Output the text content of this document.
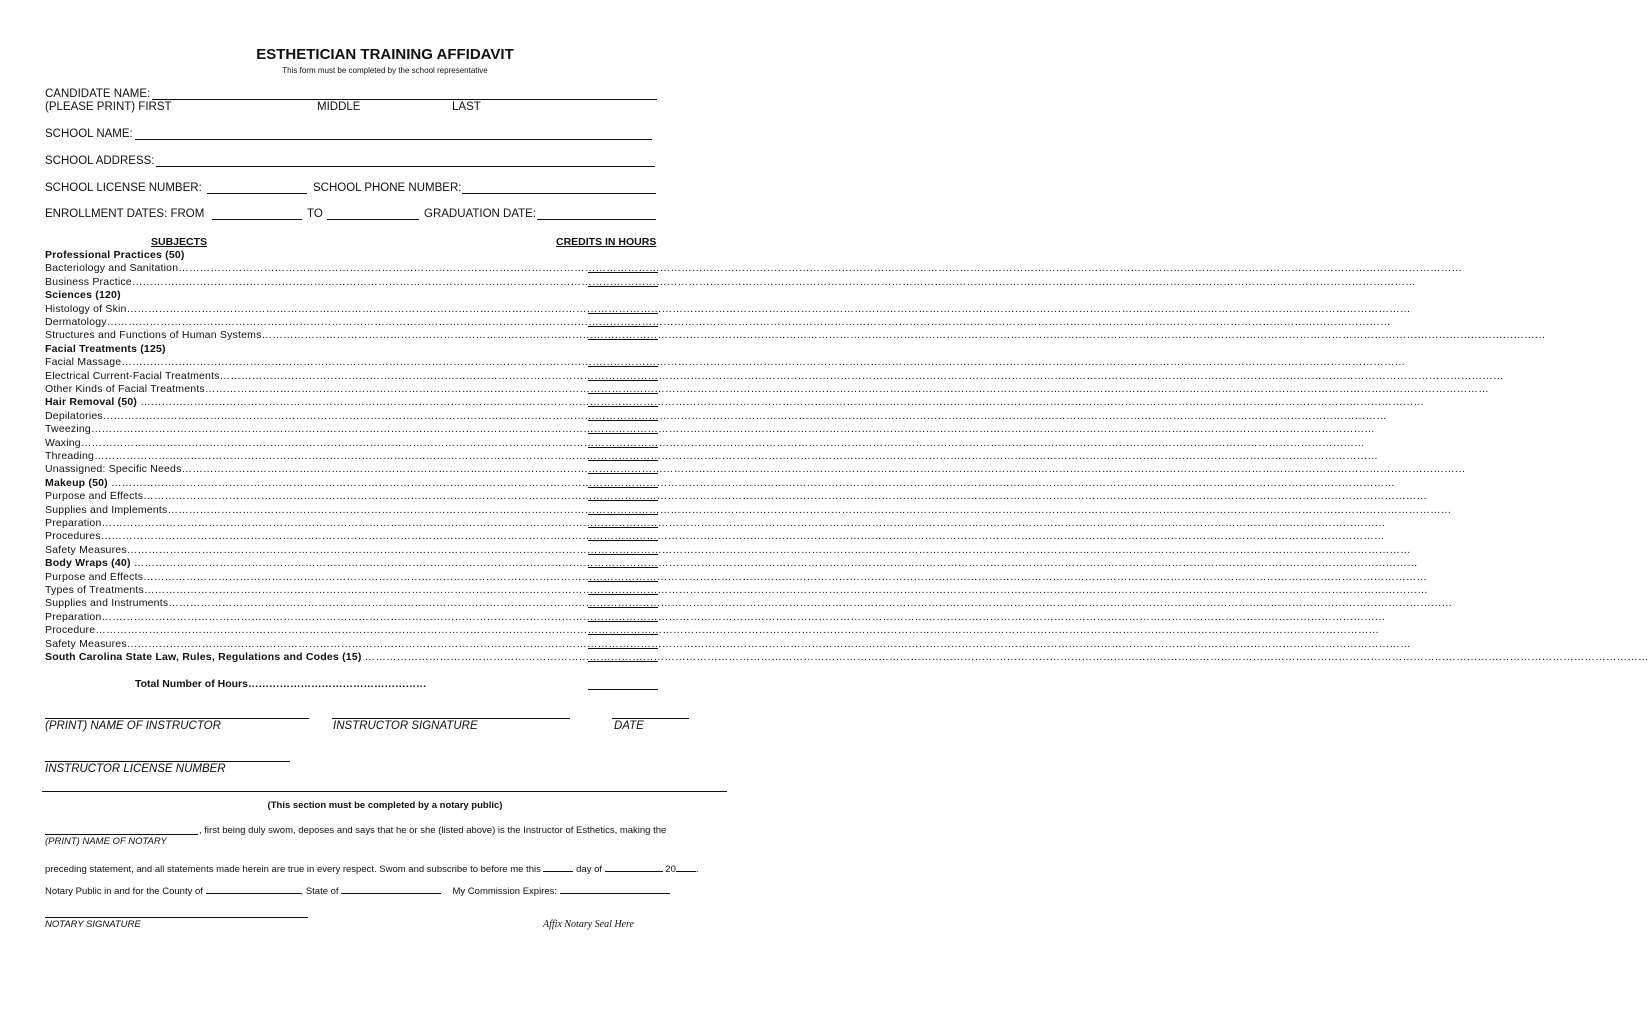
ESTHETICIAN TRAINING AFFIDAVIT
This form must be completed by the school representative
CANDIDATE NAME:
(PLEASE PRINT) FIRST	MIDDLE	LAST
SCHOOL NAME:
SCHOOL ADDRESS:
SCHOOL LICENSE NUMBER:	SCHOOL PHONE NUMBER:
ENROLLMENT DATES: FROM	TO	GRADUATION DATE:
SUBJECTS	CREDITS IN HOURS
Professional Practices (50)
Bacteriology and Sanitation………………………………………………………………………………………………………………………………………………………………………………………………………………………………………………………………………………………………………………………………
Business Practice………………………………………………………………………………………………………………………………………………………………………………………………………………………………………………………………………………………………………………………………
Sciences (120)
Histology of Skin………………………………………………………………………………………………………………………………………………………………………………………………………………………………………………………………………………………………………………………………
Dermatology………………………………………………………………………………………………………………………………………………………………………………………………………………………………………………………………………………………………………………………………
Structures and Functions of Human Systems………………………………………………………………………………………………………………………………………………………………………………………………………………………………………………………………………………………………………………………………
Facial Treatments (125)
Facial Massage………………………………………………………………………………………………………………………………………………………………………………………………………………………………………………………………………………………………………………………………
Electrical Current-Facial Treatments………………………………………………………………………………………………………………………………………………………………………………………………………………………………………………………………………………………………………………………………
Other Kinds of Facial Treatments………………………………………………………………………………………………………………………………………………………………………………………………………………………………………………………………………………………………………………………………
Hair Removal (50) ………………………………………………………………………………………………………………………………………………………………………………………………………………………………………………………………………………………………………………………………
Depilatories………………………………………………………………………………………………………………………………………………………………………………………………………………………………………………………………………………………………………………………………
Tweezing………………………………………………………………………………………………………………………………………………………………………………………………………………………………………………………………………………………………………………………………
Waxing………………………………………………………………………………………………………………………………………………………………………………………………………………………………………………………………………………………………………………………………
Threading………………………………………………………………………………………………………………………………………………………………………………………………………………………………………………………………………………………………………………………………
Unassigned: Specific Needs………………………………………………………………………………………………………………………………………………………………………………………………………………………………………………………………………………………………………………………………
Makeup (50) ………………………………………………………………………………………………………………………………………………………………………………………………………………………………………………………………………………………………………………………………
Purpose and Effects………………………………………………………………………………………………………………………………………………………………………………………………………………………………………………………………………………………………………………………………
Supplies and Implements………………………………………………………………………………………………………………………………………………………………………………………………………………………………………………………………………………………………………………………………
Preparation………………………………………………………………………………………………………………………………………………………………………………………………………………………………………………………………………………………………………………………………
Procedures………………………………………………………………………………………………………………………………………………………………………………………………………………………………………………………………………………………………………………………………
Safety Measures………………………………………………………………………………………………………………………………………………………………………………………………………………………………………………………………………………………………………………………………
Body Wraps (40) ………………………………………………………………………………………………………………………………………………………………………………………………………………………………………………………………………………………………………………………………
Purpose and Effects………………………………………………………………………………………………………………………………………………………………………………………………………………………………………………………………………………………………………………………………
Types of Treatments………………………………………………………………………………………………………………………………………………………………………………………………………………………………………………………………………………………………………………………………
Supplies and Instruments………………………………………………………………………………………………………………………………………………………………………………………………………………………………………………………………………………………………………………………………
Preparation………………………………………………………………………………………………………………………………………………………………………………………………………………………………………………………………………………………………………………………………
Procedure………………………………………………………………………………………………………………………………………………………………………………………………………………………………………………………………………………………………………………………………
Safety Measures………………………………………………………………………………………………………………………………………………………………………………………………………………………………………………………………………………………………………………………………
South Carolina State Law, Rules, Regulations and Codes (15) ………………………………………………………………………………………………………………………………………………………………………………………………………………………………………………………………………………………………………………………………
Total Number of Hours……………………………………………
(PRINT) NAME OF INSTRUCTOR	INSTRUCTOR SIGNATURE	DATE
INSTRUCTOR LICENSE NUMBER
(This section must be completed by a notary public)
, first being duly swom, deposes and says that he or she (listed above) is the Instructor of Esthetics, making the
(PRINT) NAME OF NOTARY
preceding statement, and all statements made herein are true in every respect. Swom and subscribe to before me this	day of	20 .
Notary Public in and for the County of	, State of	My Commission Expires:
NOTARY SIGNATURE	Affix Notary Seal Here
